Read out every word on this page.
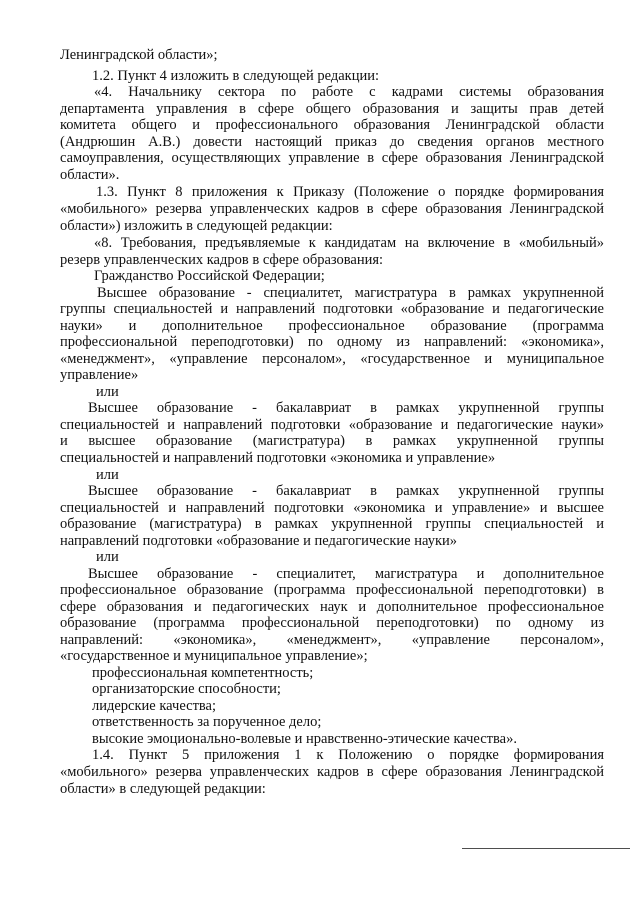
Ленинградской области»;
1.2. Пункт 4 изложить в следующей редакции:
«4. Начальнику сектора по работе с кадрами системы образования
департамента управления в сфере общего образования и защиты прав детей
комитета общего и профессионального образования Ленинградской области
(Андрюшин А.В.) довести настоящий приказ до сведения органов местного
самоуправления, осуществляющих управление в сфере образования Ленинградской
области».
1.3. Пункт 8 приложения к Приказу (Положение о порядке формирования
«мобильного» резерва управленческих кадров в сфере образования Ленинградской
области») изложить в следующей редакции:
«8. Требования, предъявляемые к кандидатам на включение в «мобильный»
резерв управленческих кадров в сфере образования:
Гражданство Российской Федерации;
Высшее образование - специалитет, магистратура в рамках укрупненной
группы специальностей и направлений подготовки «образование и педагогические
науки» и дополнительное профессиональное образование (программа
профессиональной переподготовки) по одному из направлений: «экономика»,
«менеджмент», «управление персоналом», «государственное и муниципальное
управление»
или
Высшее образование - бакалавриат в рамках укрупненной группы
специальностей и направлений подготовки «образование и педагогические науки»
и высшее образование (магистратура) в рамках укрупненной группы
специальностей и направлений подготовки «экономика и управление»
или
Высшее образование - бакалавриат в рамках укрупненной группы
специальностей и направлений подготовки «экономика и управление» и высшее
образование (магистратура) в рамках укрупненной группы специальностей и
направлений подготовки «образование и педагогические науки»
или
Высшее образование - специалитет, магистратура и дополнительное
профессиональное образование (программа профессиональной переподготовки) в
сфере образования и педагогических наук и дополнительное профессиональное
образование (программа профессиональной переподготовки) по одному из
направлений: «экономика», «менеджмент», «управление персоналом»,
«государственное и муниципальное управление»;
профессиональная компетентность;
организаторские способности;
лидерские качества;
ответственность за порученное дело;
высокие эмоционально-волевые и нравственно-этические качества».
1.4. Пункт 5 приложения 1 к Положению о порядке формирования
«мобильного» резерва управленческих кадров в сфере образования Ленинградской
области» в следующей редакции:
